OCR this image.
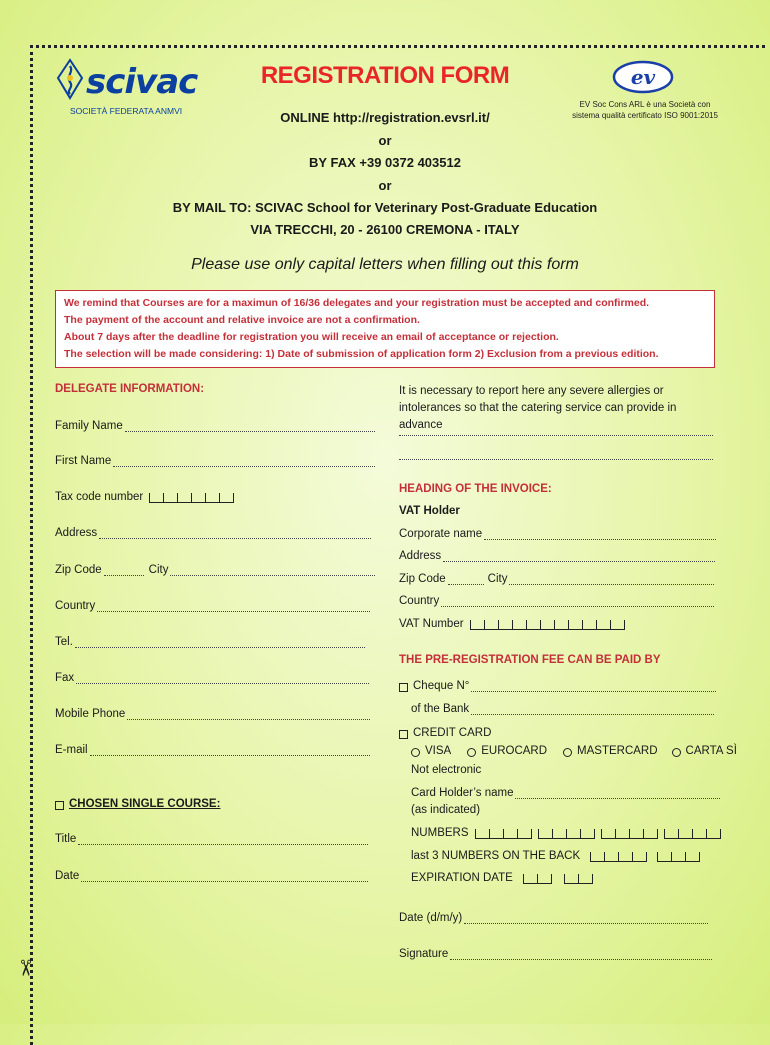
✂
scivac
SOCIETÀ FEDERATA ANMVI
ev
EV Soc Cons ARL è una Società con
sistema qualità certificato ISO 9001:2015
REGISTRATION FORM
ONLINE http://registration.evsrl.it/
or
BY FAX +39 0372 403512
or
BY MAIL TO: SCIVAC School for Veterinary Post-Graduate Education
VIA TRECCHI, 20 - 26100 CREMONA - ITALY
Please use only capital letters when filling out this form
We remind that Courses are for a maximun of 16/36 delegates and your registration must be accepted and confirmed.
The payment of the account and relative invoice are not a confirmation.
About 7 days after the deadline for registration you will receive an email of acceptance or rejection.
The selection will be made considering: 1) Date of submission of application form 2) Exclusion from a previous edition.
DELEGATE INFORMATION:
Family Name
First Name
Tax code number
Address
Zip Code	City
Country
Tel.
Fax
Mobile Phone
E-mail
CHOSEN SINGLE COURSE:
Title
Date
It is necessary to report here any severe allergies or intolerances so that the catering service can provide in advance
HEADING OF THE INVOICE:
VAT Holder
Corporate name
Address
Zip Code	City
Country
VAT Number
THE PRE-REGISTRATION FEE CAN BE PAID BY
Cheque N°
of the Bank
CREDIT CARD
VISA	EUROCARD	MASTERCARD CARTA SÌ
Not electronic
Card Holder’s name
(as indicated)
NUMBERS
last 3 NUMBERS ON THE BACK
EXPIRATION DATE
Date (d/m/y)
Signature
